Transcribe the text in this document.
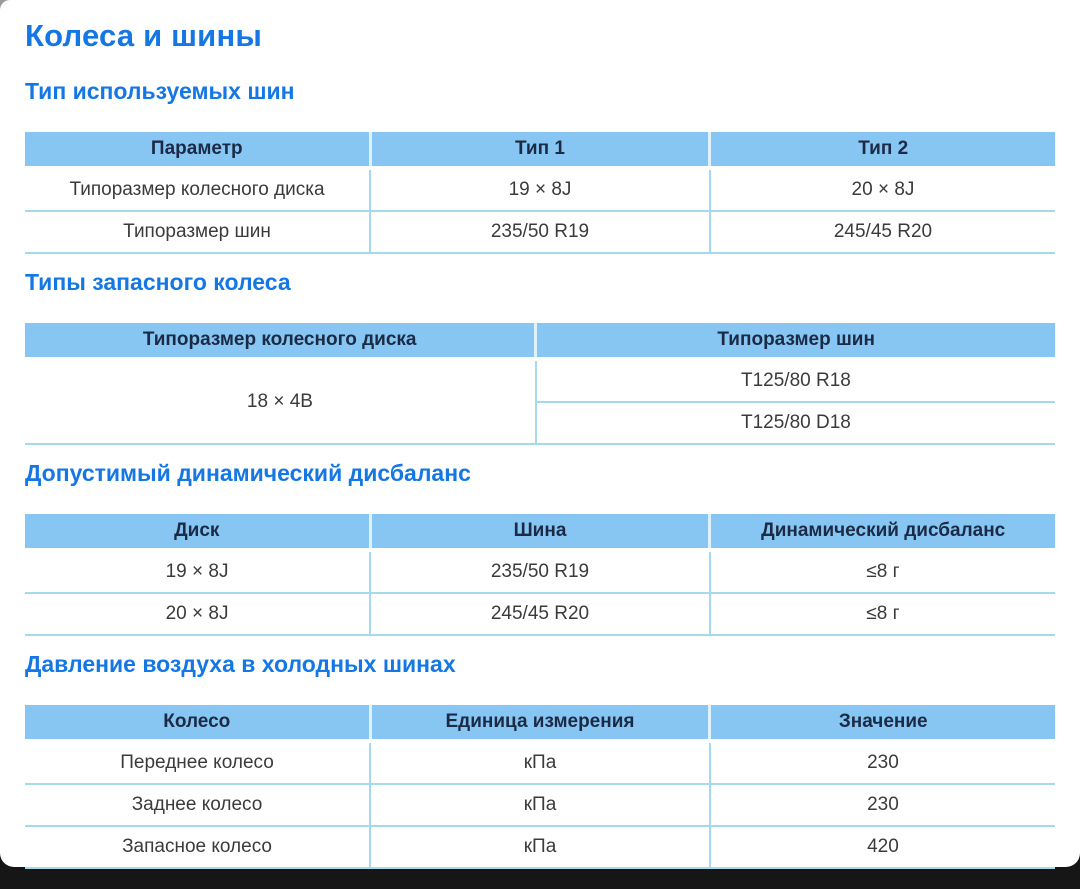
Колеса и шины
Тип используемых шин
Параметр	Тип 1	Тип 2
Типоразмер колесного диска	19 × 8J	20 × 8J
Типоразмер шин	235/50 R19	245/45 R20
Типы запасного колеса
Типоразмер колесного диска	Типоразмер шин
18 × 4B	T125/80 R18
	T125/80 D18
Допустимый динамический дисбаланс
Диск	Шина	Динамический дисбаланс
19 × 8J	235/50 R19	≤8 г
20 × 8J	245/45 R20	≤8 г
Давление воздуха в холодных шинах
Колесо	Единица измерения	Значение
Переднее колесо	кПа	230
Заднее колесо	кПа	230
Запасное колесо	кПа	420
